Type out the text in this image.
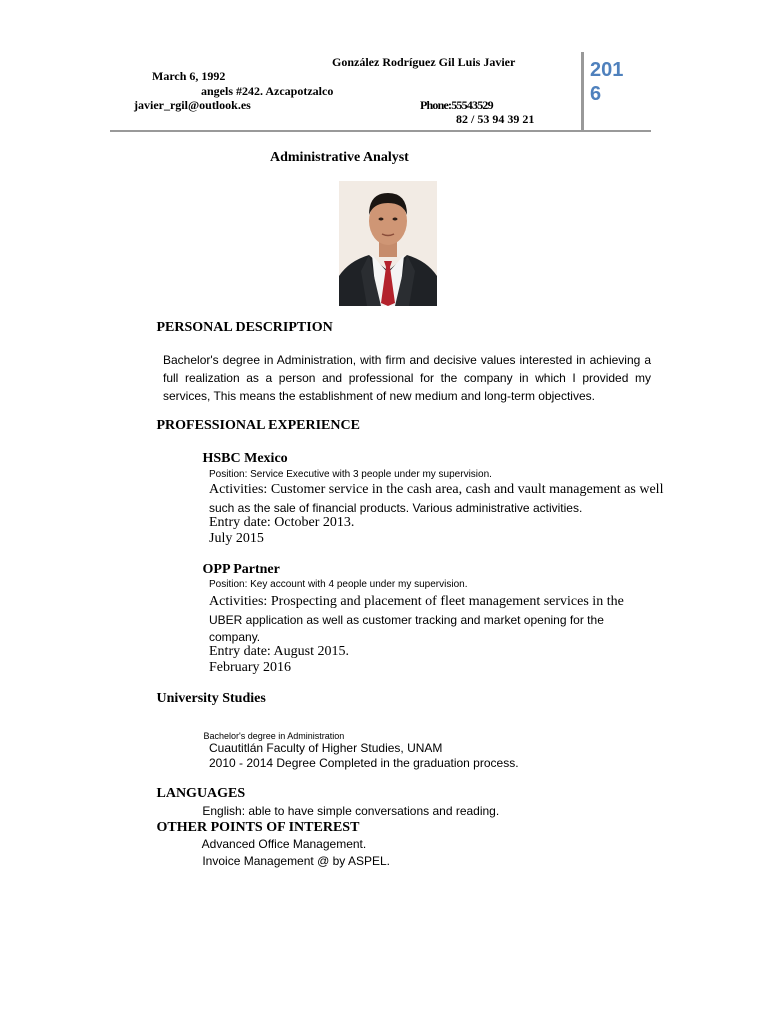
González Rodríguez Gil Luis Javier
March 6, 1992
angels #242. Azcapotzalco
javier_rgil@outlook.es	Phone:55543529
82 / 53 94 39 21
2016
Administrative Analyst
PERSONAL DESCRIPTION
Bachelor's degree in Administration, with firm and decisive values interested in achieving a full realization as a person and professional for the company in which I provided my services, This means the establishment of new medium and long-term objectives.
PROFESSIONAL EXPERIENCE
HSBC Mexico
Position: Service Executive with 3 people under my supervision.
Activities: Customer service in the cash area, cash and vault management as well
such as the sale of financial products. Various administrative activities.
Entry date: October 2013.
July 2015
OPP Partner
Position: Key account with 4 people under my supervision.
Activities: Prospecting and placement of fleet management services in the
UBER application as well as customer tracking and market opening for the
company.
Entry date: August 2015.
February 2016
University Studies
Bachelor's degree in Administration
Cuautitlán Faculty of Higher Studies, UNAM
2010 - 2014 Degree Completed in the graduation process.
LANGUAGES
English: able to have simple conversations and reading.
OTHER POINTS OF INTEREST
Advanced Office Management.
Invoice Management @ by ASPEL.
